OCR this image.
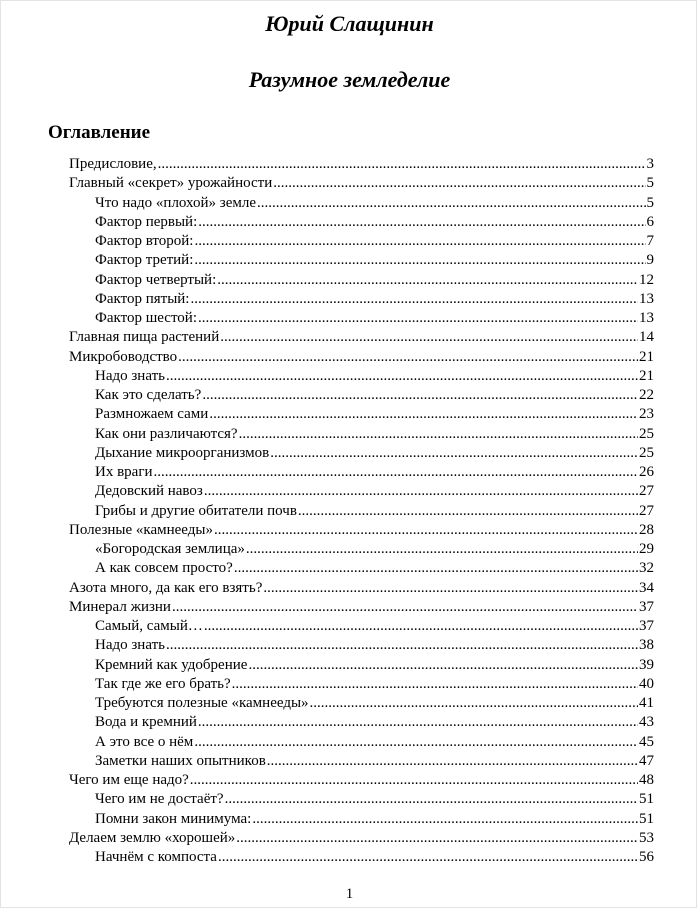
Юрий Слащинин
Разумное земледелие
Оглавление
Предисловие, .....	3
Главный «секрет» урожайности .....	5
Что надо «плохой» земле .....	5
Фактор первый: .....	6
Фактор второй: .....	7
Фактор третий: .....	9
Фактор четвертый: .....	12
Фактор пятый: .....	13
Фактор шестой: .....	13
Главная пища растений .....	14
Микробоводство .....	21
Надо знать .....	21
Как это сделать? .....	22
Размножаем сами .....	23
Как они различаются? .....	25
Дыхание микроорганизмов .....	25
Их враги .....	26
Дедовский навоз .....	27
Грибы и другие обитатели почв .....	27
Полезные «камнееды» .....	28
«Богородская землица» .....	29
А как совсем просто? .....	32
Азота много, да как его взять? .....	34
Минерал жизни .....	37
Самый, самый… .....	37
Надо знать .....	38
Кремний как удобрение .....	39
Так где же его брать? .....	40
Требуются полезные «камнееды» .....	41
Вода и кремний .....	43
А это все о нём .....	45
Заметки наших опытников .....	47
Чего им еще надо? .....	48
Чего им не достаёт? .....	51
Помни закон минимума: .....	51
Делаем землю «хорошей» .....	53
Начнём с компоста .....	56
1
